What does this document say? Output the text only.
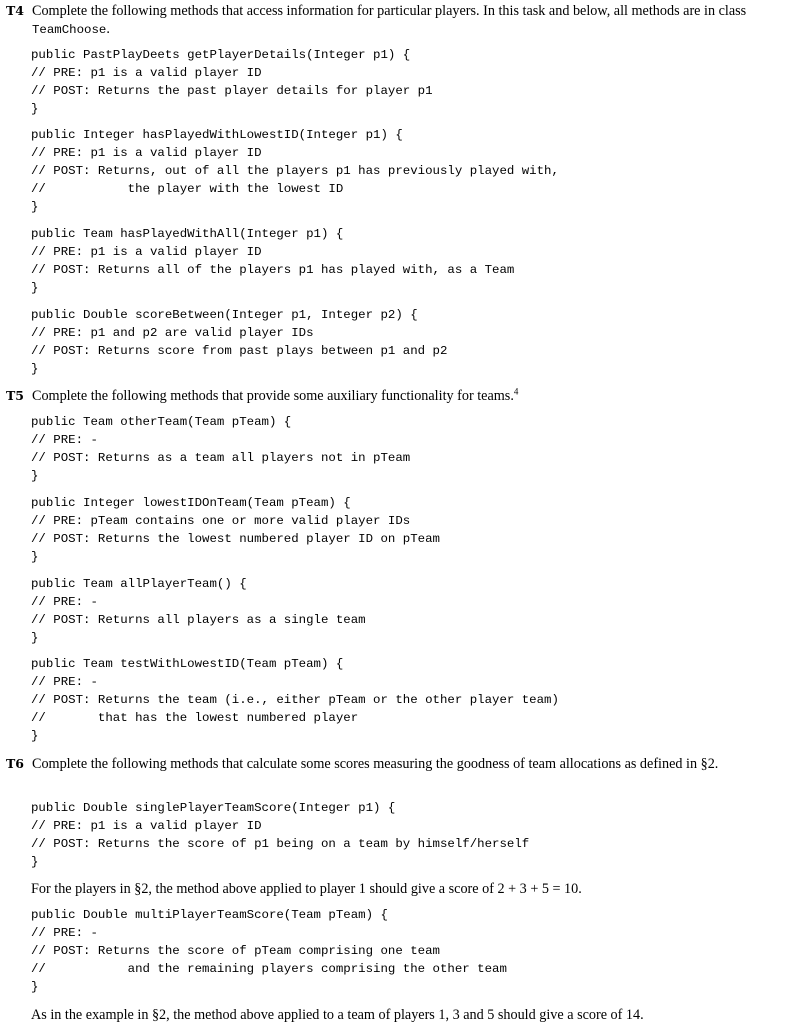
T4 Complete the following methods that access information for particular players. In this task and below, all methods are in class TeamChoose.
public PastPlayDeets getPlayerDetails(Integer p1) {
// PRE: p1 is a valid player ID
// POST: Returns the past player details for player p1
}
public Integer hasPlayedWithLowestID(Integer p1) {
// PRE: p1 is a valid player ID
// POST: Returns, out of all the players p1 has previously played with,
//           the player with the lowest ID
}
public Team hasPlayedWithAll(Integer p1) {
// PRE: p1 is a valid player ID
// POST: Returns all of the players p1 has played with, as a Team
}
public Double scoreBetween(Integer p1, Integer p2) {
// PRE: p1 and p2 are valid player IDs
// POST: Returns score from past plays between p1 and p2
}
T5 Complete the following methods that provide some auxiliary functionality for teams.$^4$
public Team otherTeam(Team pTeam) {
// PRE: -
// POST: Returns as a team all players not in pTeam
}
public Integer lowestIDOnTeam(Team pTeam) {
// PRE: pTeam contains one or more valid player IDs
// POST: Returns the lowest numbered player ID on pTeam
}
public Team allPlayerTeam() {
// PRE: -
// POST: Returns all players as a single team
}
public Team testWithLowestID(Team pTeam) {
// PRE: -
// POST: Returns the team (i.e., either pTeam or the other player team)
//       that has the lowest numbered player
}
T6 Complete the following methods that calculate some scores measuring the goodness of team allocations as defined in §2.
public Double singlePlayerTeamScore(Integer p1) {
// PRE: p1 is a valid player ID
// POST: Returns the score of p1 being on a team by himself/herself
}
For the players in §2, the method above applied to player 1 should give a score of 2 + 3 + 5 = 10.
public Double multiPlayerTeamScore(Team pTeam) {
// PRE: -
// POST: Returns the score of pTeam comprising one team
//           and the remaining players comprising the other team
}
As in the example in §2, the method above applied to a team of players 1, 3 and 5 should give a score of 14.
